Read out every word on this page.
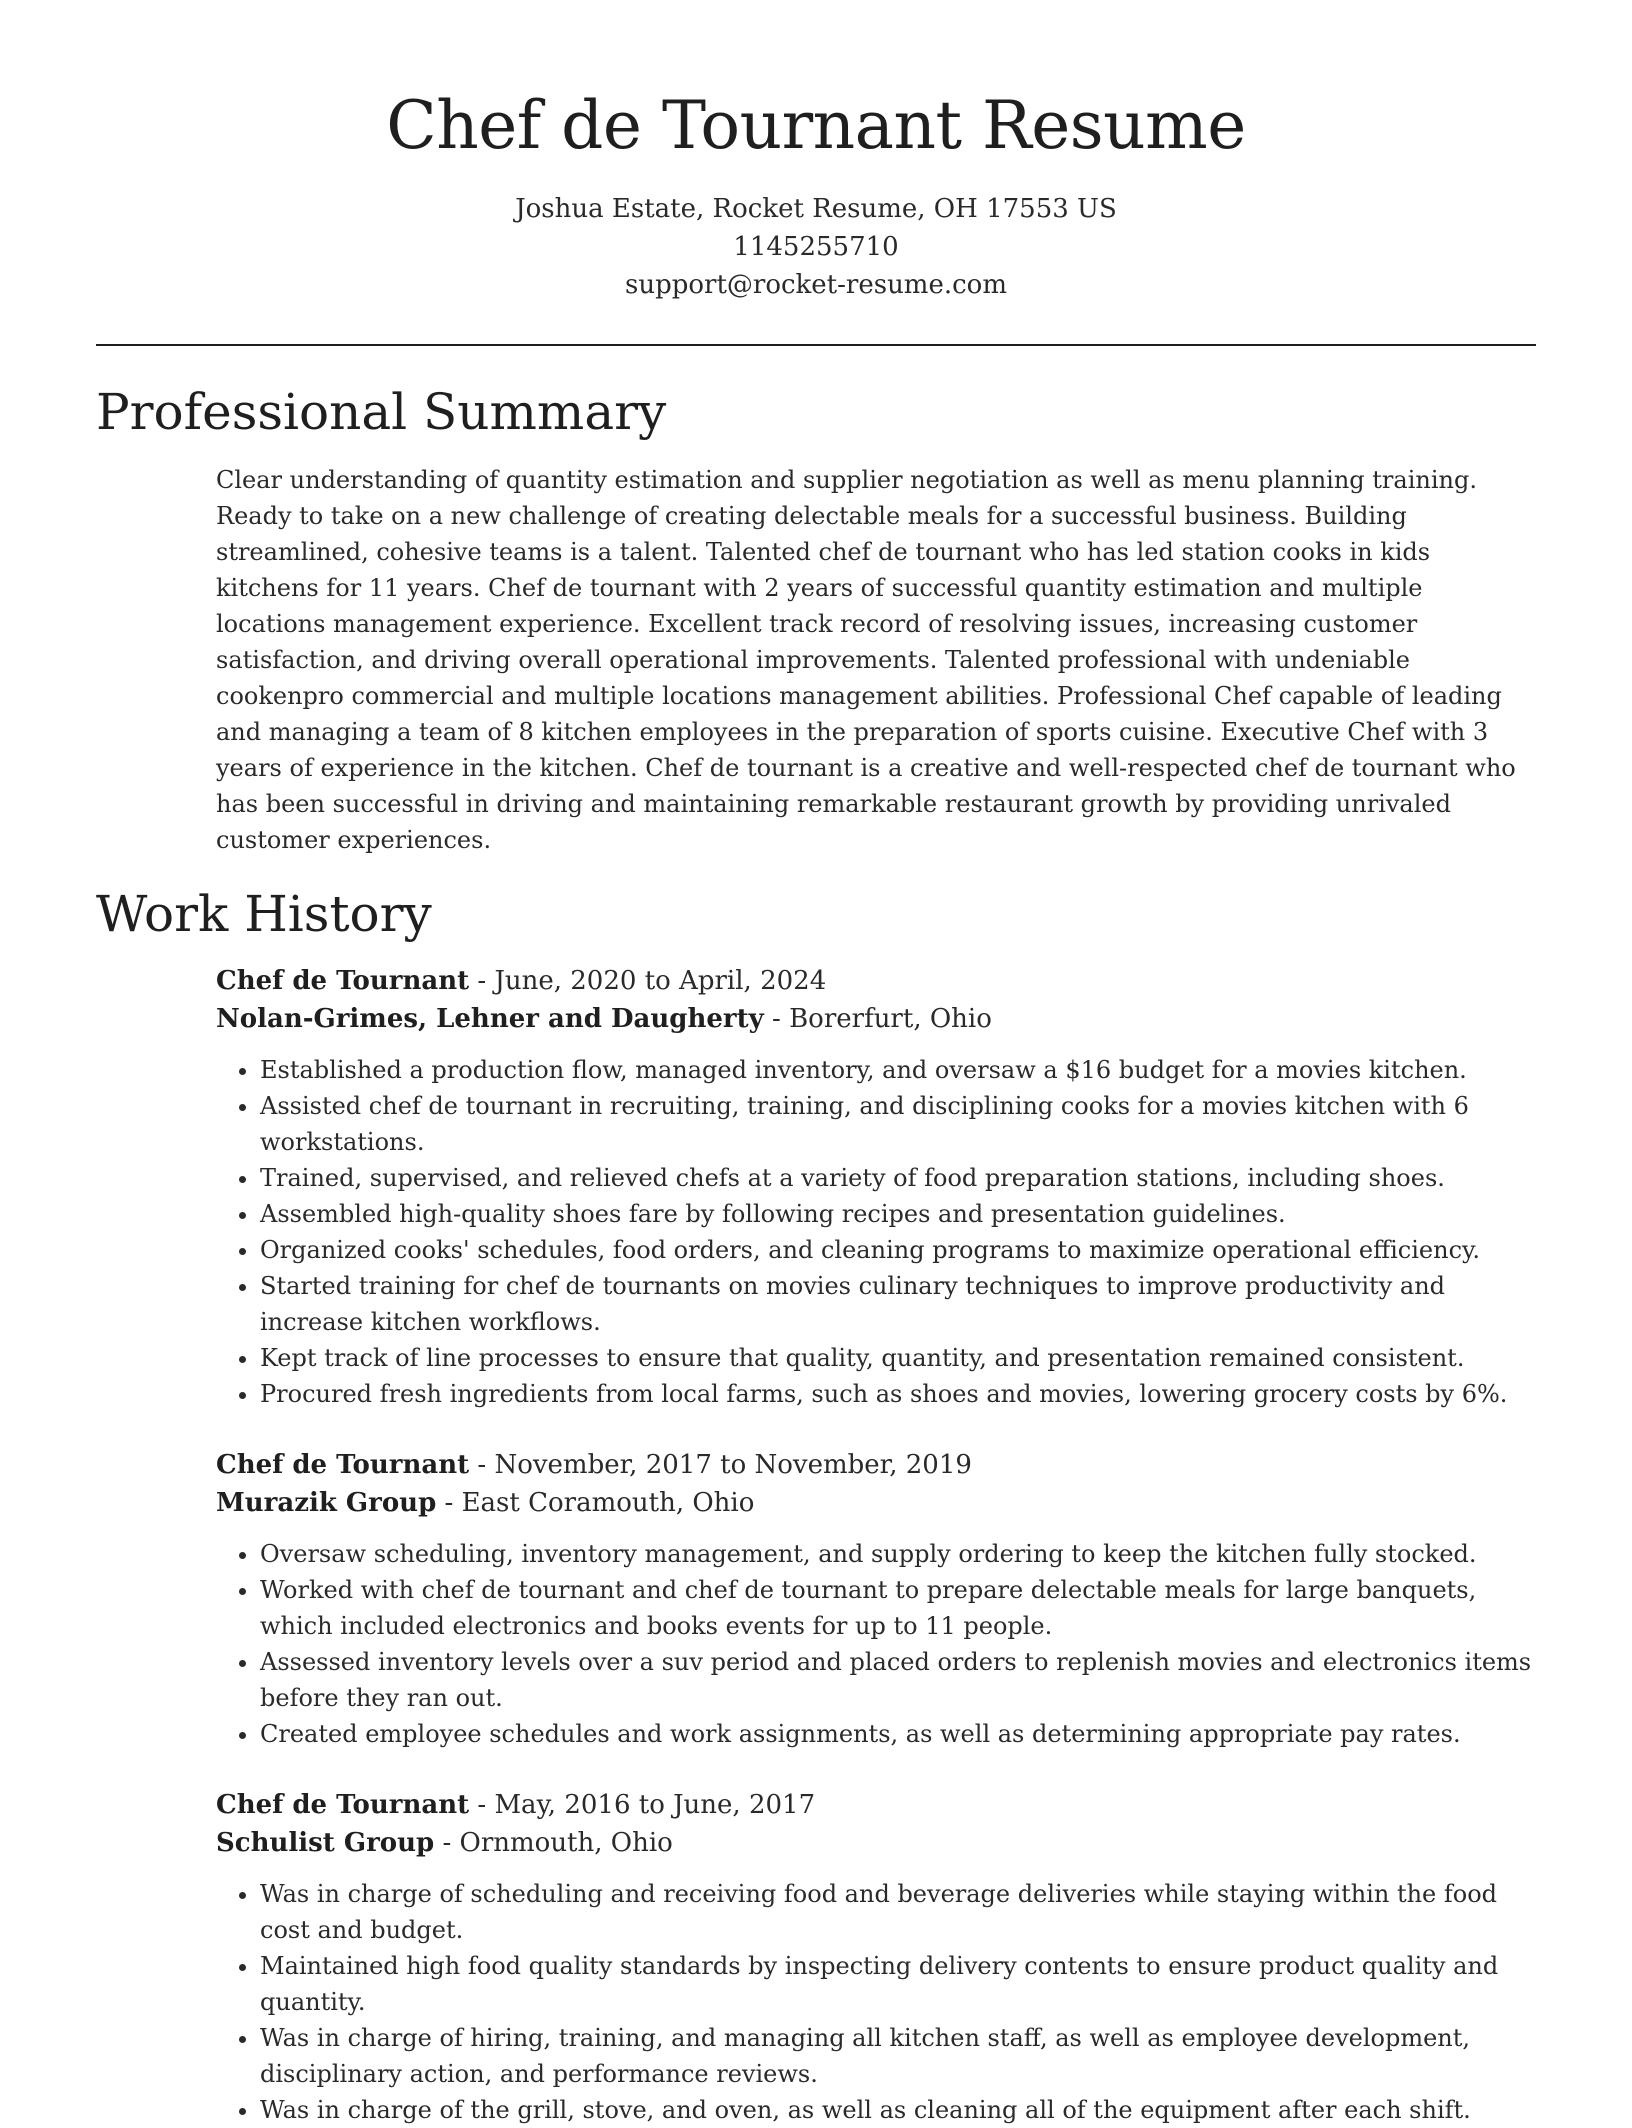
Chef de Tournant Resume
Joshua Estate, Rocket Resume, OH 17553 US
1145255710
support@rocket-resume.com
Professional Summary

Clear understanding of quantity estimation and supplier negotiation as well as menu planning training. Ready to take on a new challenge of creating delectable meals for a successful business. Building streamlined, cohesive teams is a talent. Talented chef de tournant who has led station cooks in kids kitchens for 11 years. Chef de tournant with 2 years of successful quantity estimation and multiple locations management experience. Excellent track record of resolving issues, increasing customer satisfaction, and driving overall operational improvements. Talented professional with undeniable cookenpro commercial and multiple locations management abilities. Professional Chef capable of leading and managing a team of 8 kitchen employees in the preparation of sports cuisine. Executive Chef with 3 years of experience in the kitchen. Chef de tournant is a creative and well-respected chef de tournant who has been successful in driving and maintaining remarkable restaurant growth by providing unrivaled customer experiences.

Work History
Chef de Tournant - June, 2020 to April, 2024
Nolan-Grimes, Lehner and Daugherty - Borerfurt, Ohio
• Established a production flow, managed inventory, and oversaw a $16 budget for a movies kitchen.
• Assisted chef de tournant in recruiting, training, and disciplining cooks for a movies kitchen with 6 workstations.
• Trained, supervised, and relieved chefs at a variety of food preparation stations, including shoes.
• Assembled high-quality shoes fare by following recipes and presentation guidelines.
• Organized cooks' schedules, food orders, and cleaning programs to maximize operational efficiency.
• Started training for chef de tournants on movies culinary techniques to improve productivity and increase kitchen workflows.
• Kept track of line processes to ensure that quality, quantity, and presentation remained consistent.
• Procured fresh ingredients from local farms, such as shoes and movies, lowering grocery costs by 6%.
Chef de Tournant - November, 2017 to November, 2019
Murazik Group - East Coramouth, Ohio
• Oversaw scheduling, inventory management, and supply ordering to keep the kitchen fully stocked.
• Worked with chef de tournant and chef de tournant to prepare delectable meals for large banquets, which included electronics and books events for up to 11 people.
• Assessed inventory levels over a suv period and placed orders to replenish movies and electronics items before they ran out.
• Created employee schedules and work assignments, as well as determining appropriate pay rates.
Chef de Tournant - May, 2016 to June, 2017
Schulist Group - Ornmouth, Ohio
• Was in charge of scheduling and receiving food and beverage deliveries while staying within the food cost and budget.
• Maintained high food quality standards by inspecting delivery contents to ensure product quality and quantity.
• Was in charge of hiring, training, and managing all kitchen staff, as well as employee development, disciplinary action, and performance reviews.
• Was in charge of the grill, stove, and oven, as well as cleaning all of the equipment after each shift.
